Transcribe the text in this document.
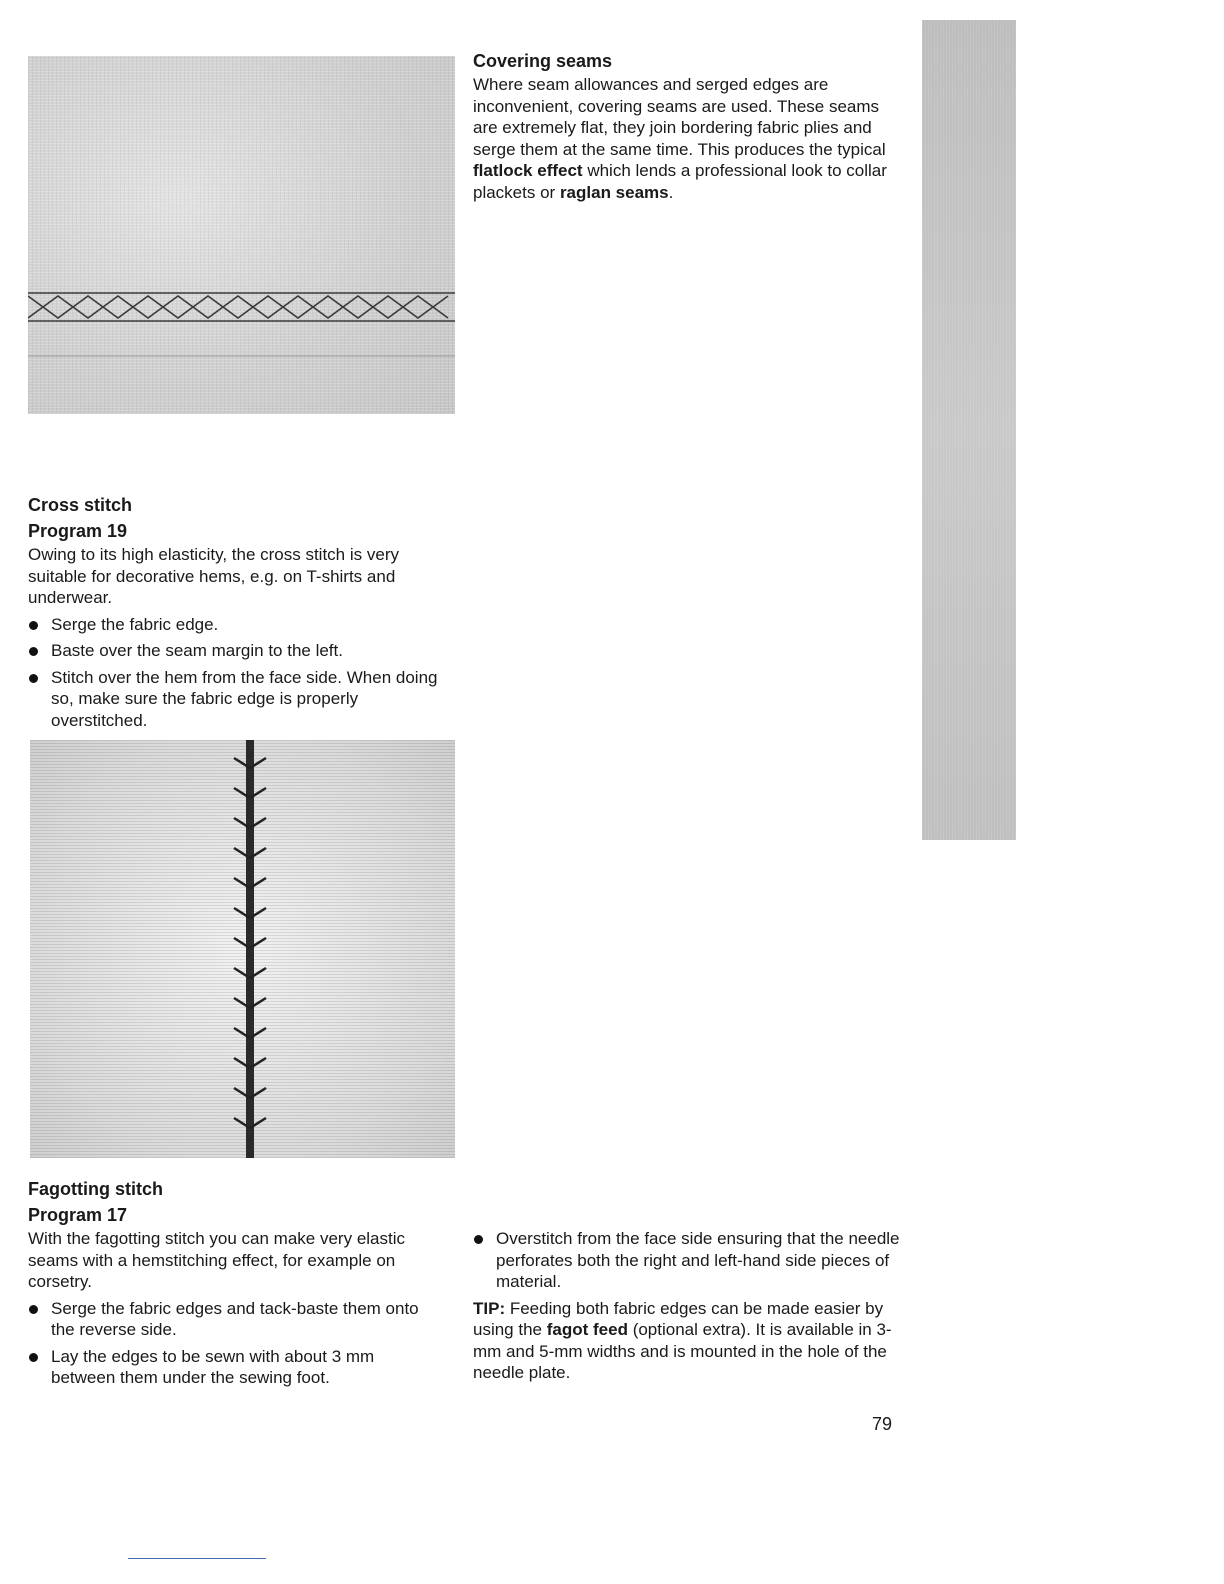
Covering seams

Where seam allowances and serged edges are inconvenient, covering seams are used. These seams are extremely flat, they join bordering fabric plies and serge them at the same time. This produces the typical flatlock effect which lends a professional look to collar plackets or raglan seams.

Cross stitch
Program 19

Owing to its high elasticity, the cross stitch is very suitable for decorative hems, e.g. on T-shirts and underwear.

Serge the fabric edge.

Baste over the seam margin to the left.

Stitch over the hem from the face side. When doing so, make sure the fabric edge is properly overstitched.

Fagotting stitch
Program 17

With the fagotting stitch you can make very elastic seams with a hemstitching effect, for example on corsetry.

Serge the fabric edges and tack-baste them onto the reverse side.

Lay the edges to be sewn with about 3 mm between them under the sewing foot.

Overstitch from the face side ensuring that the needle perforates both the right and left-hand side pieces of material.

TIP: Feeding both fabric edges can be made easier by using the fagot feed (optional extra). It is available in 3-mm and 5-mm widths and is mounted in the hole of the needle plate.

79
